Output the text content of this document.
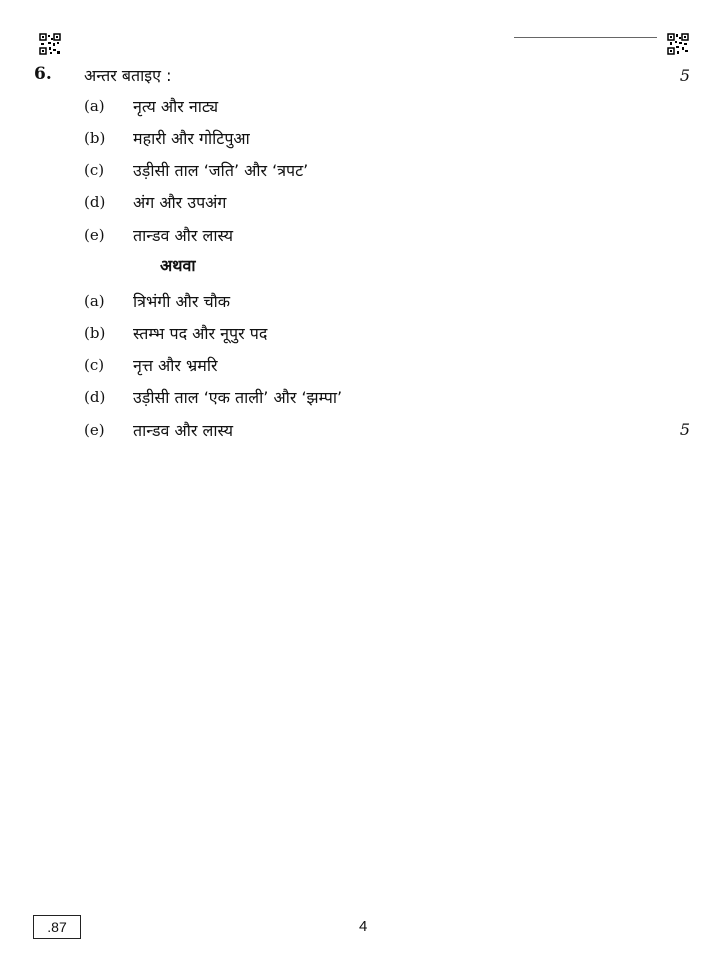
6. अन्तर बताइए :	5
(a) नृत्य और नाट्य
(b) महारी और गोटिपुआ
(c) उड़ीसी ताल ‘जति’ और ‘त्रपट’
(d) अंग और उपअंग
(e) तान्डव और लास्य
अथवा
(a) त्रिभंगी और चौक
(b) स्तम्भ पद और नूपुर पद
(c) नृत्त और भ्रमरि
(d) उड़ीसी ताल ‘एक ताली’ और ‘झम्पा’
(e) तान्डव और लास्य	5
.87	4
